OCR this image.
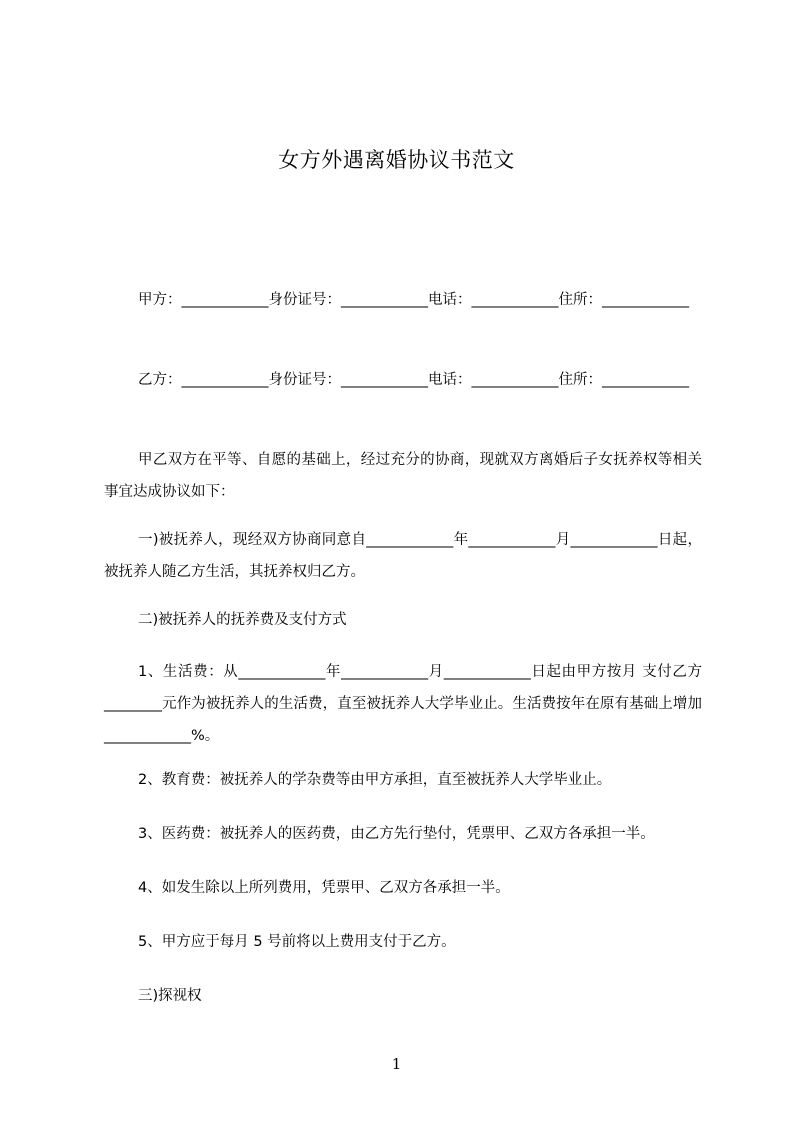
女方外遇离婚协议书范文
甲方：____________身份证号：____________电话：____________住所：____________
乙方：____________身份证号：____________电话：____________住所：____________
甲乙双方在平等、自愿的基础上，经过充分的协商，现就双方离婚后子女抚养权等相关事宜达成协议如下：
一)被抚养人，现经双方协商同意自____________年____________月____________日起，被抚养人随乙方生活，其抚养权归乙方。
二)被抚养人的抚养费及支付方式
1、生活费：从____________年____________月____________日起由甲方按月 支付乙方________元作为被抚养人的生活费，直至被抚养人大学毕业止。生活费按年在原有基础上增加____________%。
2、教育费：被抚养人的学杂费等由甲方承担，直至被抚养人大学毕业止。
3、医药费：被抚养人的医药费，由乙方先行垫付，凭票甲、乙双方各承担一半。
4、如发生除以上所列费用，凭票甲、乙双方各承担一半。
5、甲方应于每月 5 号前将以上费用支付于乙方。
三)探视权
1
